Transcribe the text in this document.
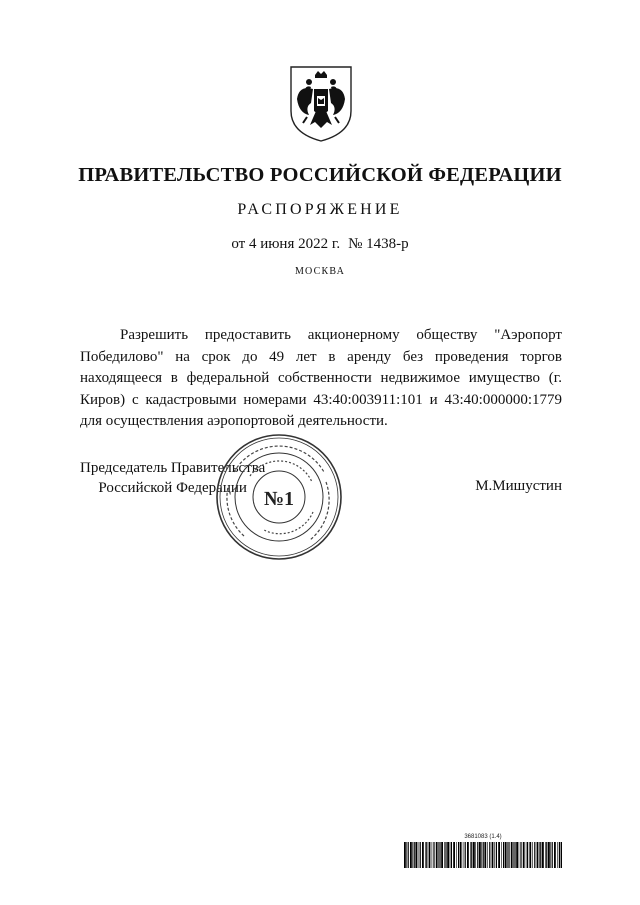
ПРАВИТЕЛЬСТВО РОССИЙСКОЙ ФЕДЕРАЦИИ
РАСПОРЯЖЕНИЕ
от 4 июня 2022 г. № 1438-р
МОСКВА

Разрешить предоставить акционерному обществу "Аэропорт Победилово" на срок до 49 лет в аренду без проведения торгов находящееся в федеральной собственности недвижимое имущество (г. Киров) с кадастровыми номерами 43:40:003911:101 и 43:40:000000:1779 для осуществления аэропортовой деятельности.

Председатель Правительства
Российской Федерации №1
М.Мишустин
3681083 (1.4)
